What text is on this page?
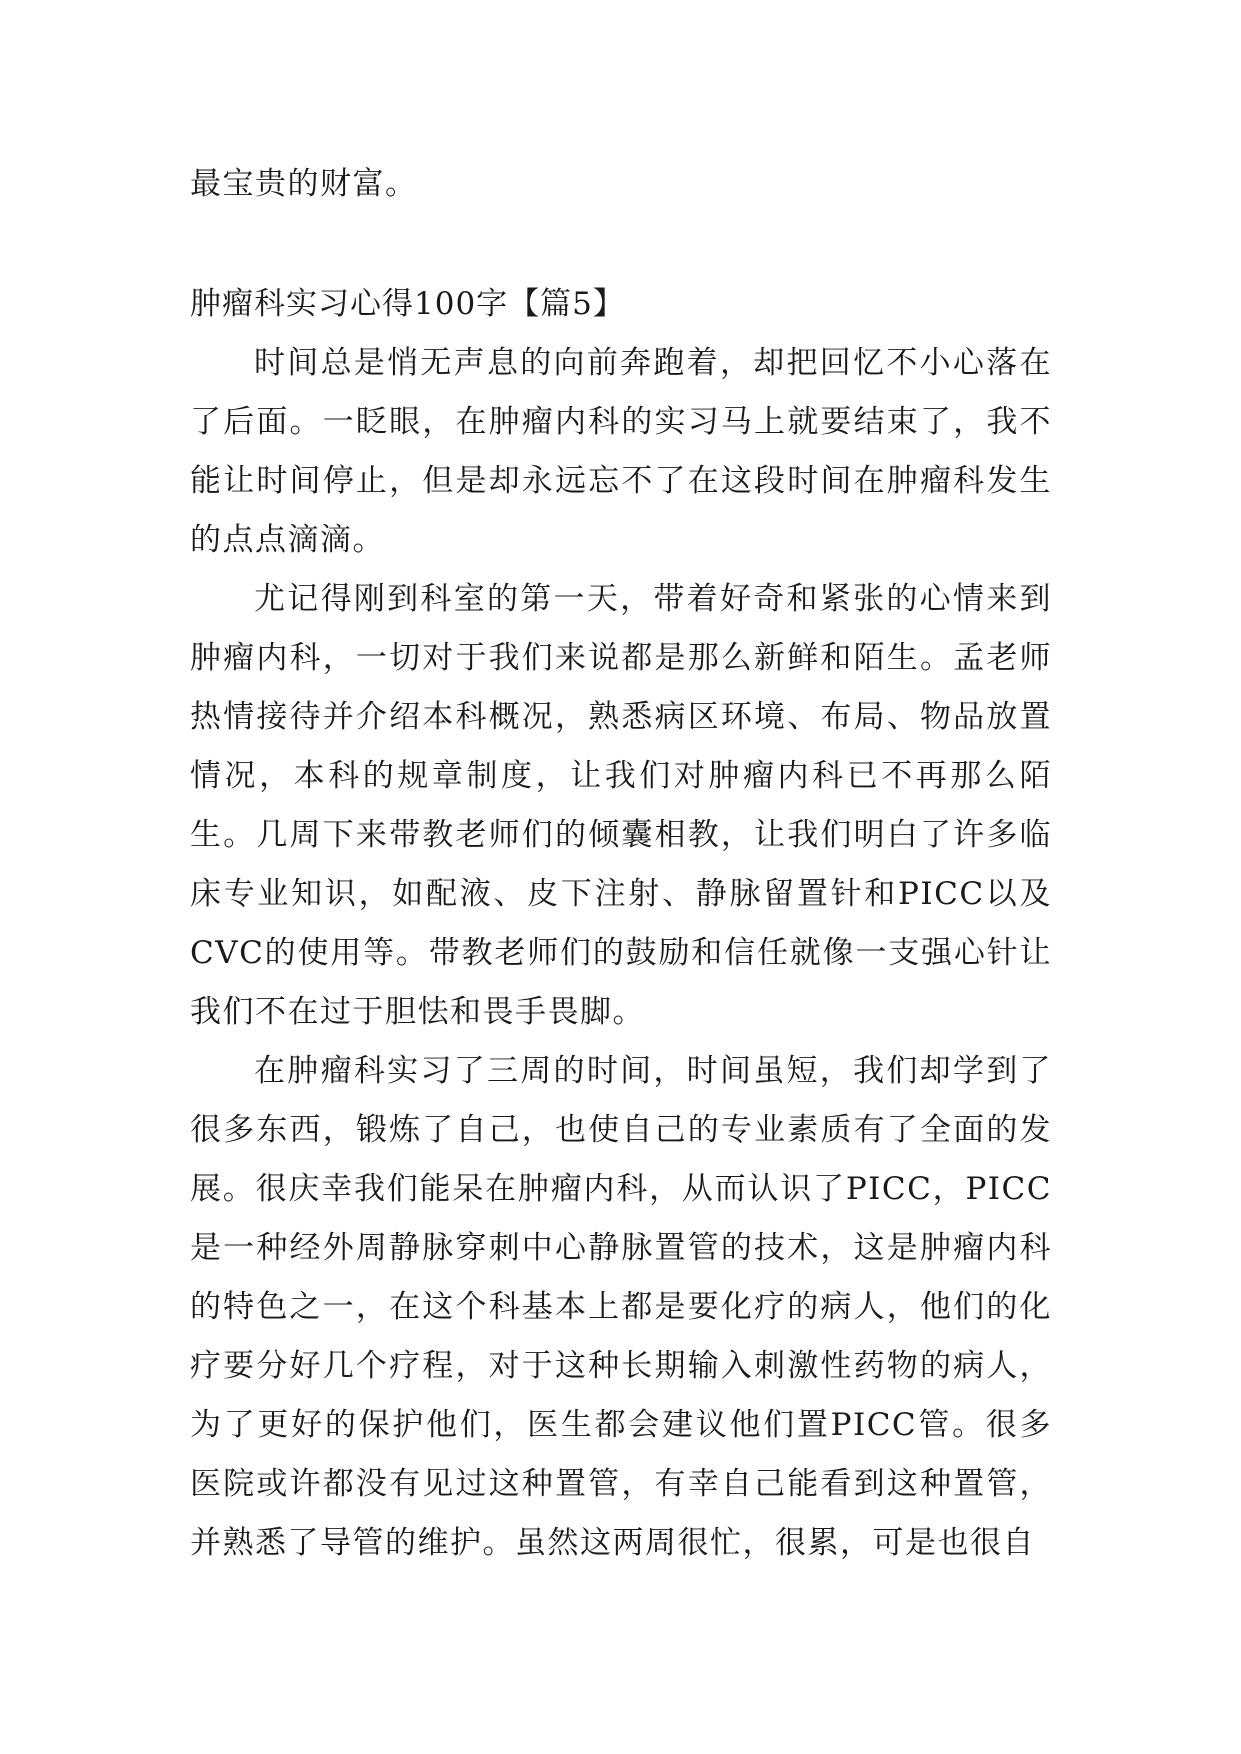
最宝贵的财富。

肿瘤科实习心得100字【篇5】

时间总是悄无声息的向前奔跑着，却把回忆不小心落在了后面。一眨眼，在肿瘤内科的实习马上就要结束了，我不能让时间停止，但是却永远忘不了在这段时间在肿瘤科发生的点点滴滴。

尤记得刚到科室的第一天，带着好奇和紧张的心情来到肿瘤内科，一切对于我们来说都是那么新鲜和陌生。孟老师热情接待并介绍本科概况，熟悉病区环境、布局、物品放置情况，本科的规章制度，让我们对肿瘤内科已不再那么陌生。几周下来带教老师们的倾囊相教，让我们明白了许多临床专业知识，如配液、皮下注射、静脉留置针和PICC以及CVC的使用等。带教老师们的鼓励和信任就像一支强心针让我们不在过于胆怯和畏手畏脚。

在肿瘤科实习了三周的时间，时间虽短，我们却学到了很多东西，锻炼了自己，也使自己的专业素质有了全面的发展。很庆幸我们能呆在肿瘤内科，从而认识了PICC，PICC是一种经外周静脉穿刺中心静脉置管的技术，这是肿瘤内科的特色之一，在这个科基本上都是要化疗的病人，他们的化疗要分好几个疗程，对于这种长期输入刺激性药物的病人，为了更好的保护他们，医生都会建议他们置PICC管。很多医院或许都没有见过这种置管，有幸自己能看到这种置管，并熟悉了导管的维护。虽然这两周很忙，很累，可是也很自
